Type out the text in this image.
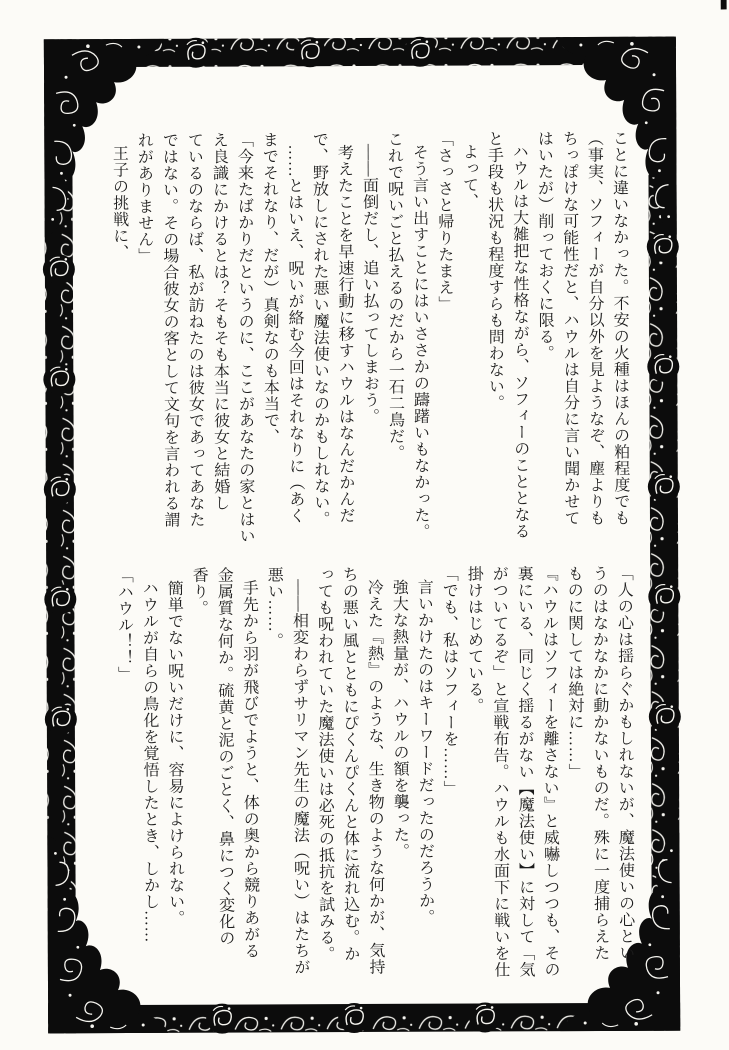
ことに違いなかった。不安の火種はほんの粕程度でも
（事実、ソフィーが自分以外を見ようなぞ、塵よりも
ちっぽけな可能性だと、ハウルは自分に言い聞かせて
はいたが）削っておくに限る。
ハウルは大雑把な性格ながら、ソフィーのこととなる
と手段も状況も程度すらも問わない。
よって、
「さっさと帰りたまえ」
そう言い出すことにはいささかの躊躇いもなかった。
これで呪いごと払えるのだから一石二鳥だ。
――面倒だし、追い払ってしまおう。
考えたことを早速行動に移すハウルはなんだかんだ
で、野放しにされた悪い魔法使いなのかもしれない。
……とはいえ、呪いが絡む今回はそれなりに（あく
までそれなり、だが）真剣なのも本当で、
「今来たばかりだというのに、ここがあなたの家とはい
え良識にかけるとは？そもそも本当に彼女と結婚し
ているのならば、私が訪ねたのは彼女であってあなた
ではない。その場合彼女の客として文句を言われる謂
れがありません」
王子の挑戦に、
「人の心は揺らぐかもしれないが、魔法使いの心とい
うのはなかなかに動かないものだ。殊に一度捕らえた
ものに関しては絶対に……」
『ハウルはソフィーを離さない』と威嚇しつつも、その
裏にいる、同じく揺るがない【魔法使い】に対して「気
がついてるぞ」と宣戦布告。ハウルも水面下に戦いを仕
掛けはじめている。
「でも、私はソフィーを……」
言いかけたのはキーワードだったのだろうか。
強大な熱量が、ハウルの額を襲った。
冷えた『熱』のような、生き物のような何かが、気持
ちの悪い風とともにぴくんぴくんと体に流れ込む。か
っても呪われていた魔法使いは必死の抵抗を試みる。
――相変わらずサリマン先生の魔法（呪い）はたちが
悪い……。
手先から羽が飛びでようと、体の奥から競りあがる
金属質な何か。硫黄と泥のごとく、鼻につく変化の
香り。
簡単でない呪いだけに、容易によけられない。
ハウルが自らの鳥化を覚悟したとき、しかし……
「ハウル！！」
